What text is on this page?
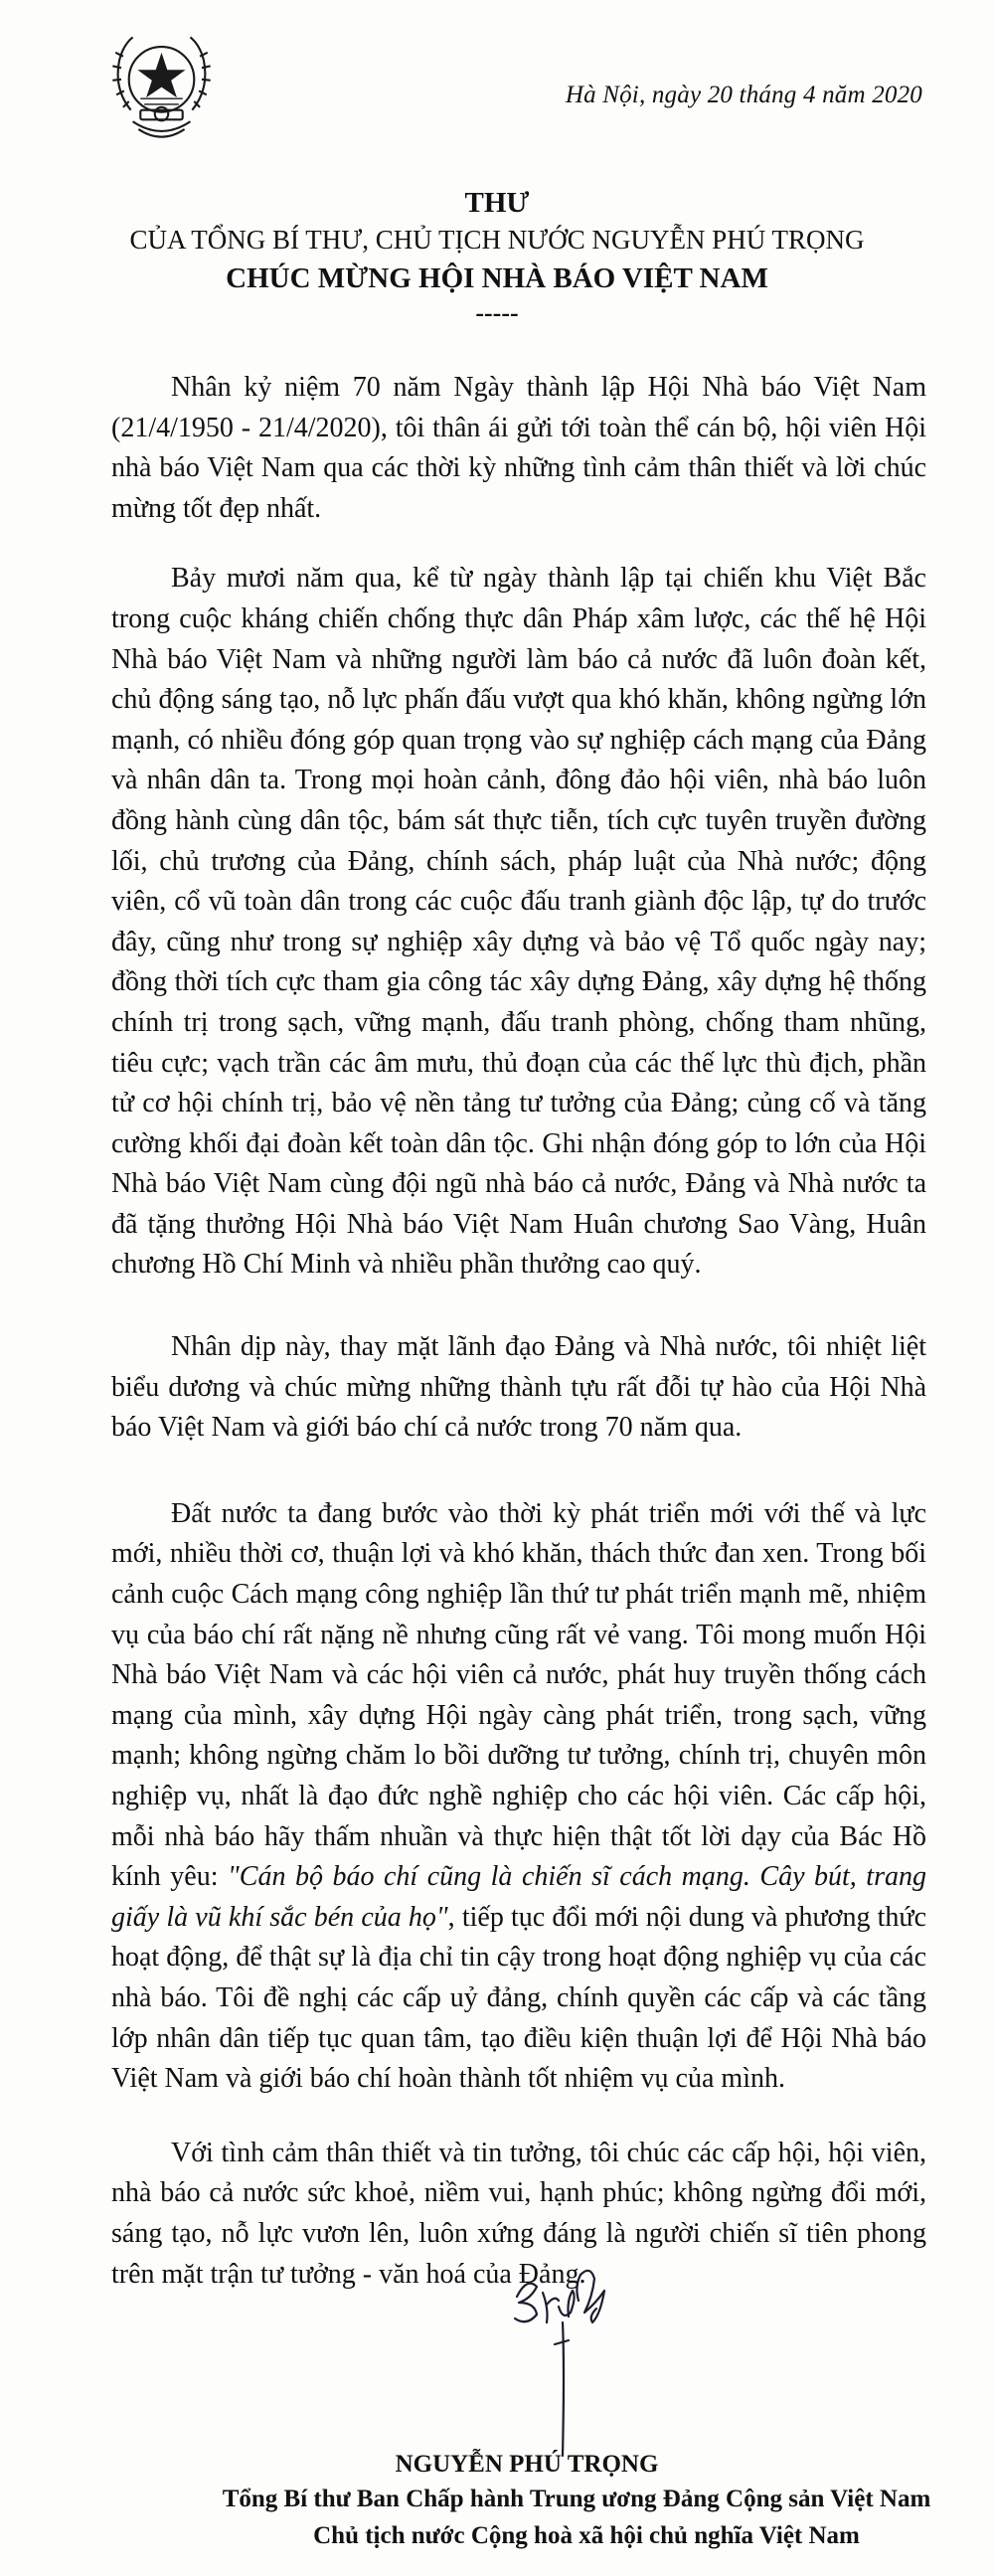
Hà Nội, ngày 20 tháng 4 năm 2020
THƯ
CỦA TỔNG BÍ THƯ, CHỦ TỊCH NƯỚC NGUYỄN PHÚ TRỌNG
CHÚC MỪNG HỘI NHÀ BÁO VIỆT NAM
-----

Nhân kỷ niệm 70 năm Ngày thành lập Hội Nhà báo Việt Nam (21/4/1950 - 21/4/2020), tôi thân ái gửi tới toàn thể cán bộ, hội viên Hội nhà báo Việt Nam qua các thời kỳ những tình cảm thân thiết và lời chúc mừng tốt đẹp nhất.

Bảy mươi năm qua, kể từ ngày thành lập tại chiến khu Việt Bắc trong cuộc kháng chiến chống thực dân Pháp xâm lược, các thế hệ Hội Nhà báo Việt Nam và những người làm báo cả nước đã luôn đoàn kết, chủ động sáng tạo, nỗ lực phấn đấu vượt qua khó khăn, không ngừng lớn mạnh, có nhiều đóng góp quan trọng vào sự nghiệp cách mạng của Đảng và nhân dân ta. Trong mọi hoàn cảnh, đông đảo hội viên, nhà báo luôn đồng hành cùng dân tộc, bám sát thực tiễn, tích cực tuyên truyền đường lối, chủ trương của Đảng, chính sách, pháp luật của Nhà nước; động viên, cổ vũ toàn dân trong các cuộc đấu tranh giành độc lập, tự do trước đây, cũng như trong sự nghiệp xây dựng và bảo vệ Tổ quốc ngày nay; đồng thời tích cực tham gia công tác xây dựng Đảng, xây dựng hệ thống chính trị trong sạch, vững mạnh, đấu tranh phòng, chống tham nhũng, tiêu cực; vạch trần các âm mưu, thủ đoạn của các thế lực thù địch, phần tử cơ hội chính trị, bảo vệ nền tảng tư tưởng của Đảng; củng cố và tăng cường khối đại đoàn kết toàn dân tộc. Ghi nhận đóng góp to lớn của Hội Nhà báo Việt Nam cùng đội ngũ nhà báo cả nước, Đảng và Nhà nước ta đã tặng thưởng Hội Nhà báo Việt Nam Huân chương Sao Vàng, Huân chương Hồ Chí Minh và nhiều phần thưởng cao quý.

Nhân dịp này, thay mặt lãnh đạo Đảng và Nhà nước, tôi nhiệt liệt biểu dương và chúc mừng những thành tựu rất đỗi tự hào của Hội Nhà báo Việt Nam và giới báo chí cả nước trong 70 năm qua.

Đất nước ta đang bước vào thời kỳ phát triển mới với thế và lực mới, nhiều thời cơ, thuận lợi và khó khăn, thách thức đan xen. Trong bối cảnh cuộc Cách mạng công nghiệp lần thứ tư phát triển mạnh mẽ, nhiệm vụ của báo chí rất nặng nề nhưng cũng rất vẻ vang. Tôi mong muốn Hội Nhà báo Việt Nam và các hội viên cả nước, phát huy truyền thống cách mạng của mình, xây dựng Hội ngày càng phát triển, trong sạch, vững mạnh; không ngừng chăm lo bồi dưỡng tư tưởng, chính trị, chuyên môn nghiệp vụ, nhất là đạo đức nghề nghiệp cho các hội viên. Các cấp hội, mỗi nhà báo hãy thấm nhuần và thực hiện thật tốt lời dạy của Bác Hồ kính yêu: "Cán bộ báo chí cũng là chiến sĩ cách mạng. Cây bút, trang giấy là vũ khí sắc bén của họ", tiếp tục đổi mới nội dung và phương thức hoạt động, để thật sự là địa chỉ tin cậy trong hoạt động nghiệp vụ của các nhà báo. Tôi đề nghị các cấp uỷ đảng, chính quyền các cấp và các tầng lớp nhân dân tiếp tục quan tâm, tạo điều kiện thuận lợi để Hội Nhà báo Việt Nam và giới báo chí hoàn thành tốt nhiệm vụ của mình.

Với tình cảm thân thiết và tin tưởng, tôi chúc các cấp hội, hội viên, nhà báo cả nước sức khoẻ, niềm vui, hạnh phúc; không ngừng đổi mới, sáng tạo, nỗ lực vươn lên, luôn xứng đáng là người chiến sĩ tiên phong trên mặt trận tư tưởng - văn hoá của Đảng.

NGUYỄN PHÚ TRỌNG
Tổng Bí thư Ban Chấp hành Trung ương Đảng Cộng sản Việt Nam
Chủ tịch nước Cộng hoà xã hội chủ nghĩa Việt Nam
